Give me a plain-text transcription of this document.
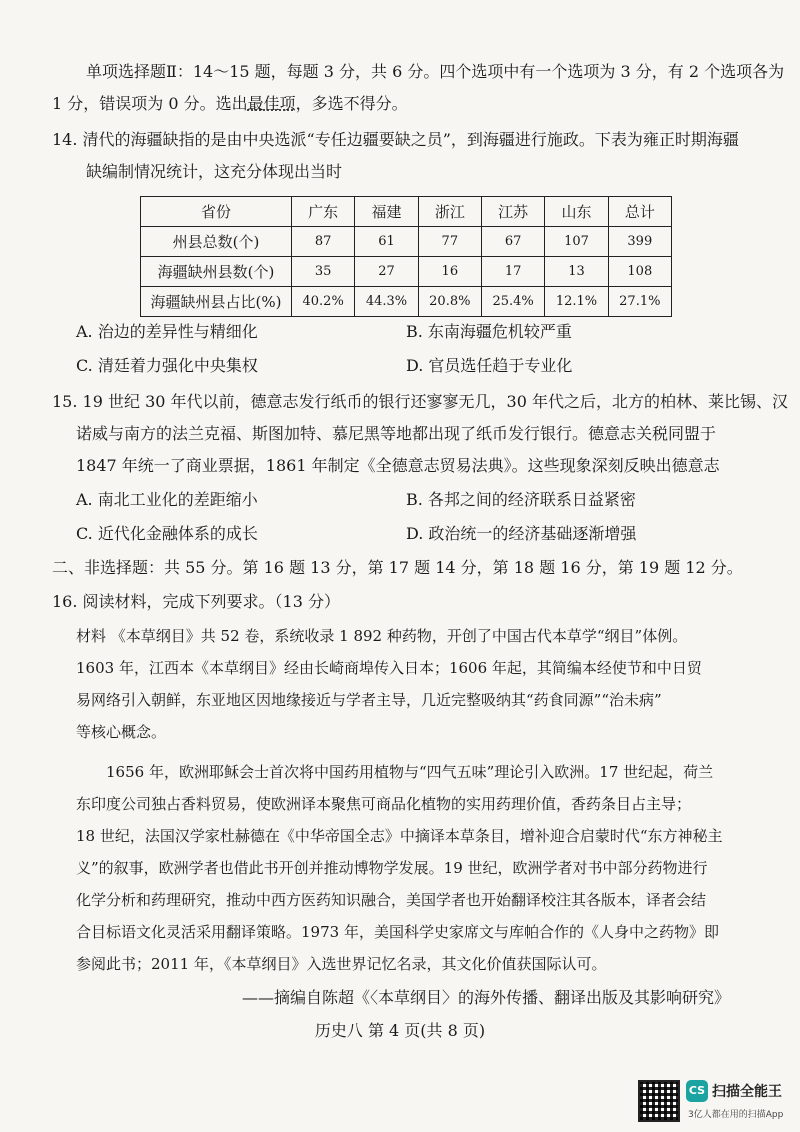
单项选择题Ⅱ：14～15 题，每题 3 分，共 6 分。四个选项中有一个选项为 3 分，有 2 个选项各为
1 分，错误项为 0 分。选出最佳项，多选不得分。
14. 清代的海疆缺指的是由中央选派“专任边疆要缺之员”，到海疆进行施政。下表为雍正时期海疆
缺编制情况统计，这充分体现出当时
省份	广东	福建	浙江	江苏	山东	总计
州县总数(个)	87	61	77	67	107	399
海疆缺州县数(个)	35	27	16	17	13	108
海疆缺州县占比(%)	40.2%	44.3%	20.8%	25.4%	12.1%	27.1%
A. 治边的差异性与精细化	B. 东南海疆危机较严重
C. 清廷着力强化中央集权	D. 官员选任趋于专业化
15. 19 世纪 30 年代以前，德意志发行纸币的银行还寥寥无几，30 年代之后，北方的柏林、莱比锡、汉
诺威与南方的法兰克福、斯图加特、慕尼黑等地都出现了纸币发行银行。德意志关税同盟于
1847 年统一了商业票据，1861 年制定《全德意志贸易法典》。这些现象深刻反映出德意志
A. 南北工业化的差距缩小	B. 各邦之间的经济联系日益紧密
C. 近代化金融体系的成长	D. 政治统一的经济基础逐渐增强
二、非选择题：共 55 分。第 16 题 13 分，第 17 题 14 分，第 18 题 16 分，第 19 题 12 分。
16. 阅读材料，完成下列要求。（13 分）
材料 《本草纲目》共 52 卷，系统收录 1 892 种药物，开创了中国古代本草学“纲目”体例。
1603 年，江西本《本草纲目》经由长崎商埠传入日本；1606 年起，其简编本经使节和中日贸
易网络引入朝鲜，东亚地区因地缘接近与学者主导，几近完整吸纳其“药食同源”“治未病”
等核心概念。
1656 年，欧洲耶稣会士首次将中国药用植物与“四气五味”理论引入欧洲。17 世纪起，荷兰
东印度公司独占香料贸易，使欧洲译本聚焦可商品化植物的实用药理价值，香药条目占主导；
18 世纪，法国汉学家杜赫德在《中华帝国全志》中摘译本草条目，增补迎合启蒙时代“东方神秘主
义”的叙事，欧洲学者也借此书开创并推动博物学发展。19 世纪，欧洲学者对书中部分药物进行
化学分析和药理研究，推动中西方医药知识融合，美国学者也开始翻译校注其各版本，译者会结
合目标语文化灵活采用翻译策略。1973 年，美国科学史家席文与库帕合作的《人身中之药物》即
参阅此书；2011 年，《本草纲目》入选世界记忆名录，其文化价值获国际认可。
——摘编自陈超《〈本草纲目〉的海外传播、翻译出版及其影响研究》
历史八 第 4 页(共 8 页)
CS 扫描全能王
3亿人都在用的扫描App
